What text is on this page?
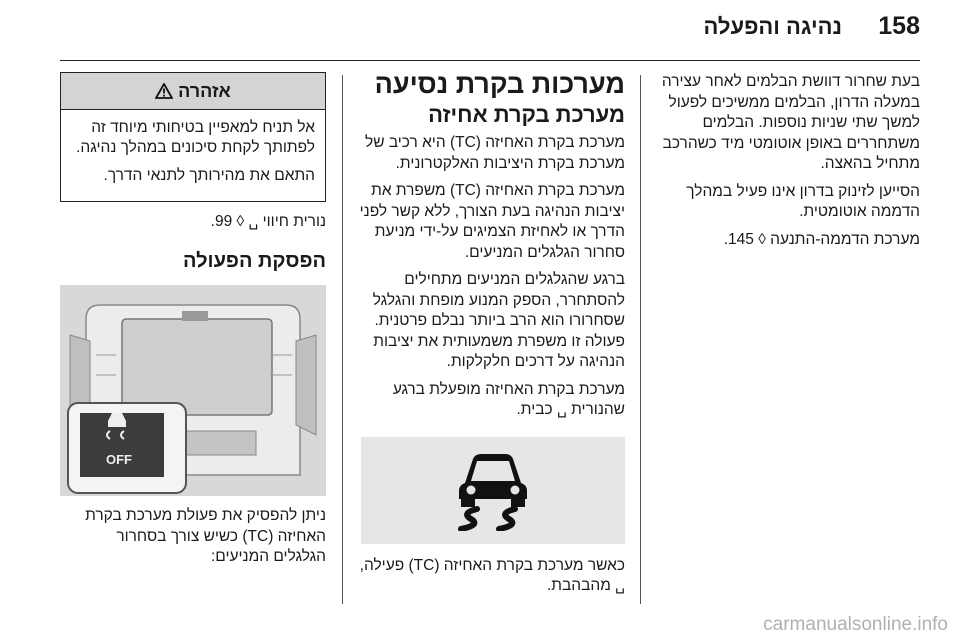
158
נהיגה והפעלה

בעת שחרור דוושת הבלמים לאחר עצירה במעלה הדרון, הבלמים ממשיכים לפעול למשך שתי שניות נוספות. הבלמים משתחררים באופן אוטומטי מיד כשהרכב מתחיל בהאצה.

הסייען לזינוק בדרון אינו פעיל במהלך הדממה אוטומטית.

מערכת הדממה-התנעה ◊ 145.

מערכות בקרת נסיעה
מערכת בקרת אחיזה

מערכת בקרת האחיזה (TC) היא רכיב של מערכת בקרת היציבות האלקטרונית.

מערכת בקרת האחיזה (TC) משפרת את יציבות הנהיגה בעת הצורך, ללא קשר לפני הדרך או לאחיזת הצמיגים על-ידי מניעת סחרור הגלגלים המניעים.

ברגע שהגלגלים המניעים מתחילים להסתחרר, הספק המנוע מופחת והגלגל שסחרורו הוא הרב ביותר נבלם פרטנית. פעולה זו משפרת משמעותית את יציבות הנהיגה על דרכים חלקלקות.

מערכת בקרת האחיזה מופעלת ברגע שהנורית ␣ כבית.

כאשר מערכת בקרת האחיזה (TC) פעילה, ␣ מהבהבת.

אזהרה

אל תניח למאפיין בטיחותי מיוחד זה לפתותך לקחת סיכונים במהלך נהיגה.

התאם את מהירותך לתנאי הדרך.

נורית חיווי ␣ ◊ 99.

הפסקת הפעולה
OFF

ניתן להפסיק את פעולת מערכת בקרת האחיזה (TC) כשיש צורך בסחרור הגלגלים המניעים:

carmanualsonline.info
